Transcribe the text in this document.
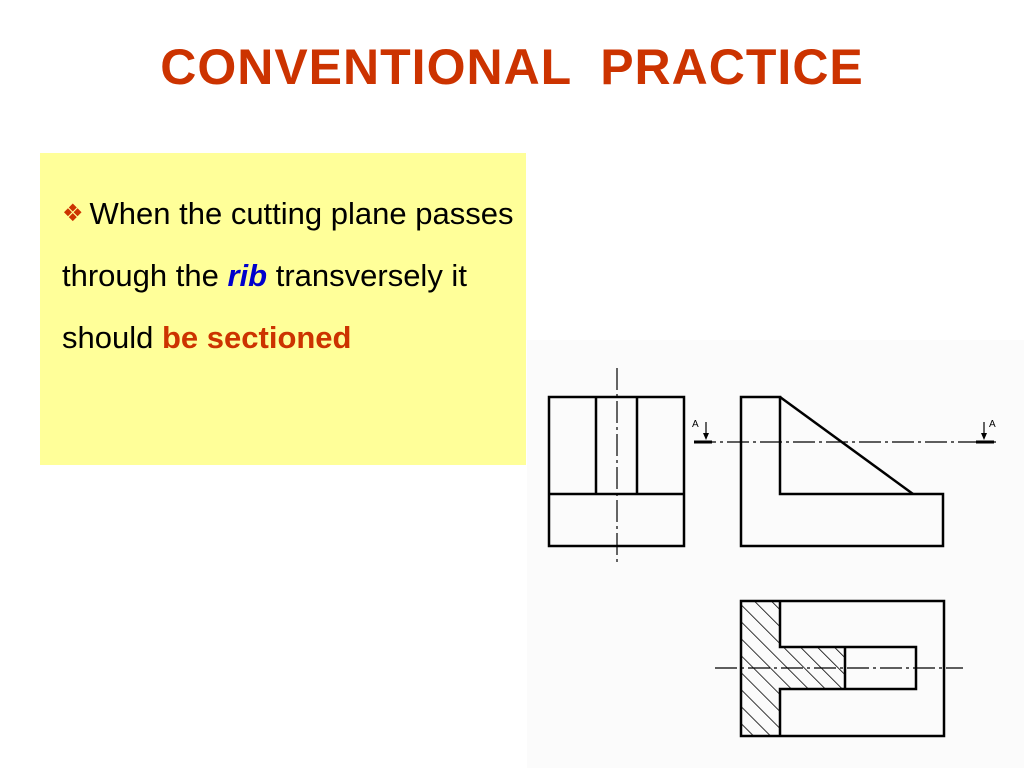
CONVENTIONAL PRACTICE

❖ When the cutting plane passes through the rib transversely it should be sectioned

A	A
